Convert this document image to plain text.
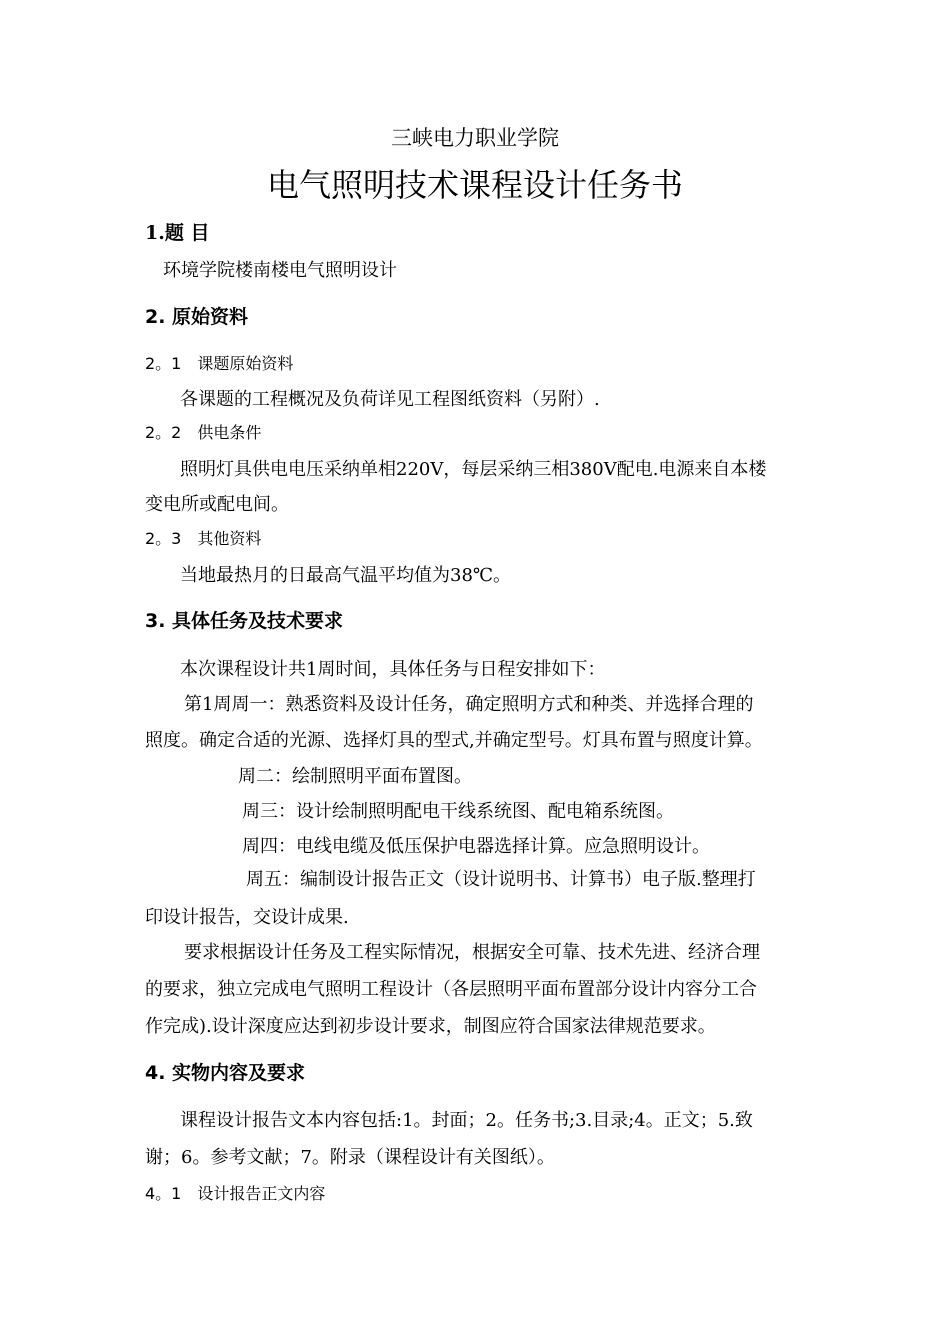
三峡电力职业学院
电气照明技术课程设计任务书
1.题 目
环境学院楼南楼电气照明设计
2. 原始资料
2。1　课题原始资料
各课题的工程概况及负荷详见工程图纸资料（另附）.
2。2　供电条件
照明灯具供电电压采纳单相220V，每层采纳三相380V配电.电源来自本楼
变电所或配电间。
2。3　其他资料
当地最热月的日最高气温平均值为38℃。
3. 具体任务及技术要求
本次课程设计共1周时间，具体任务与日程安排如下：
第1周周一：熟悉资料及设计任务，确定照明方式和种类、并选择合理的
照度。确定合适的光源、选择灯具的型式,并确定型号。灯具布置与照度计算。
周二：绘制照明平面布置图。
周三：设计绘制照明配电干线系统图、配电箱系统图。
周四：电线电缆及低压保护电器选择计算。应急照明设计。
周五：编制设计报告正文（设计说明书、计算书）电子版.整理打
印设计报告，交设计成果.
要求根据设计任务及工程实际情况，根据安全可靠、技术先进、经济合理
的要求，独立完成电气照明工程设计（各层照明平面布置部分设计内容分工合
作完成).设计深度应达到初步设计要求，制图应符合国家法律规范要求。
4. 实物内容及要求
课程设计报告文本内容包括:1。封面；2。任务书;3.目录;4。正文；5.致
谢；6。参考文献；7。附录（课程设计有关图纸）。
4。1　设计报告正文内容
